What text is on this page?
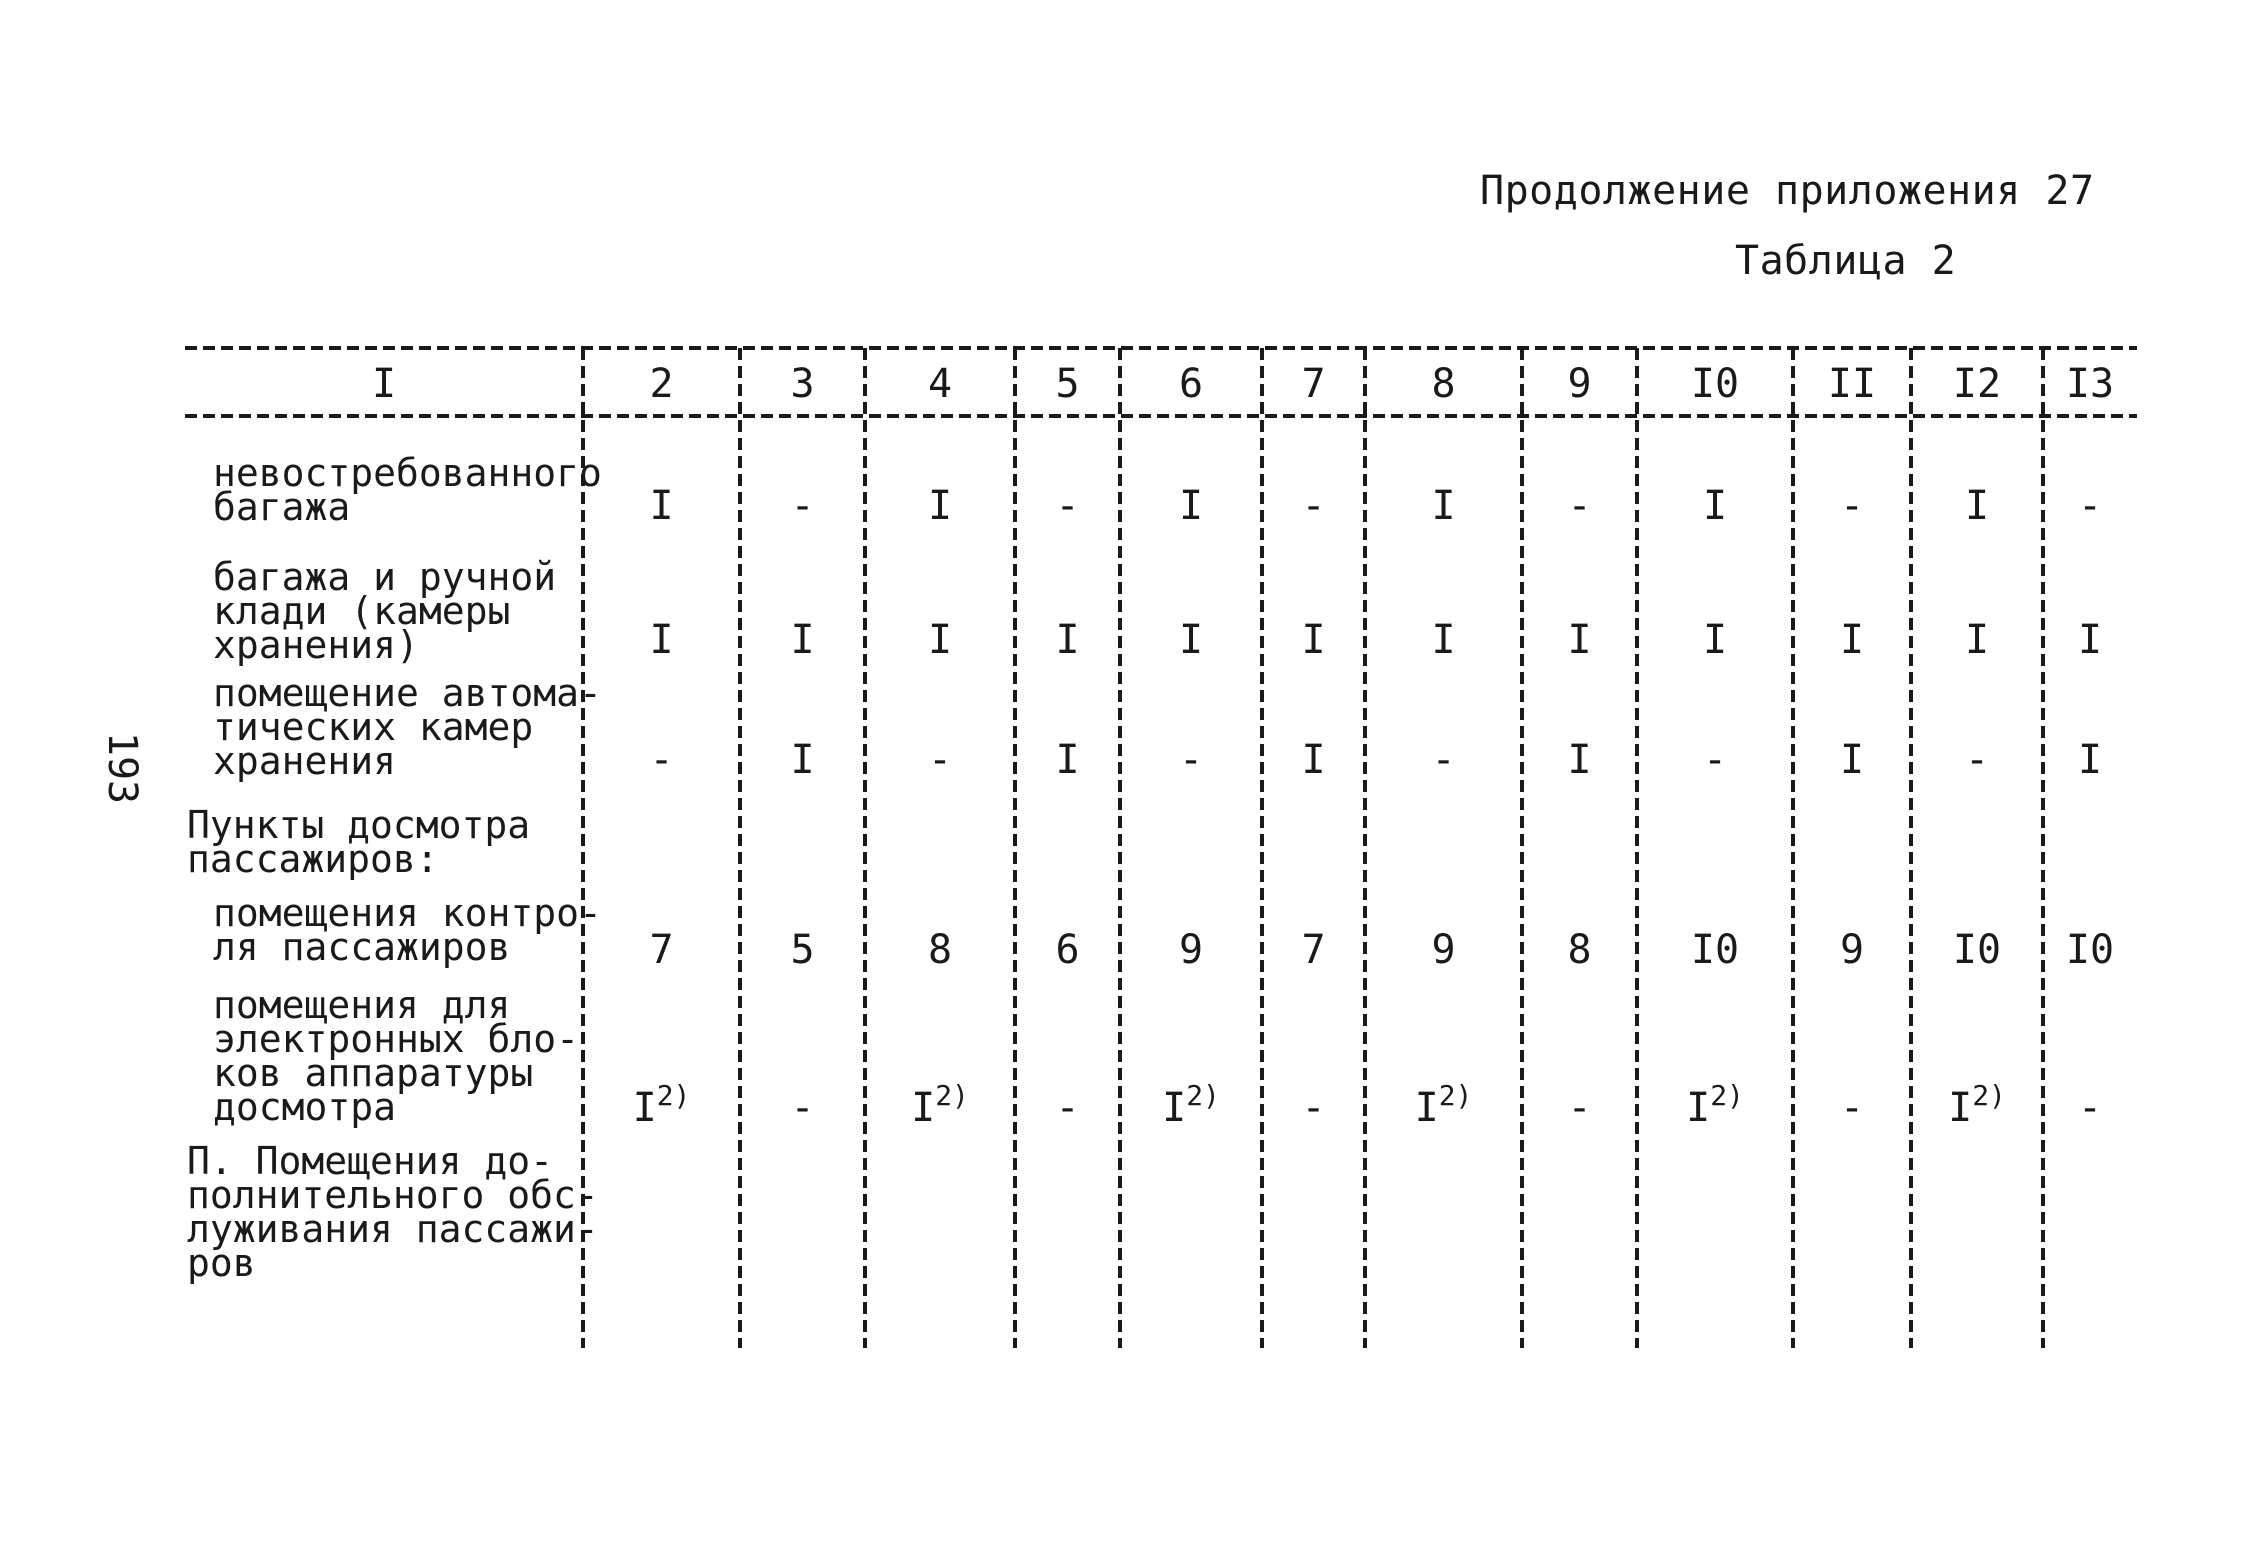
Продолжение приложения 27
Таблица 2
193
I	2	3	4	5	6	7	8	9	I0	II	I2	I3
невостребованного
багажа	I	-	I	-	I	-	I	-	I	-	I	-
багажа и ручной
клади (камеры
хранения)	I	I	I	I	I	I	I	I	I	I	I	I
помещение автома-
тических камер
хранения	-	I	-	I	-	I	-	I	-	I	-	I
Пункты досмотра
пассажиров:
помещения контро-
ля пассажиров	7	5	8	6	9	7	9	8	I0	9	I0	I0
помещения для
электронных бло-
ков аппаратуры
досмотра	$I^{2)}$	-	$I^{2)}$	-	$I^{2)}$	-	$I^{2)}$	-	$I^{2)}$	-	$I^{2)}$	-
П. Помещения до-
полнительного обс-
луживания пассажи-
ров
